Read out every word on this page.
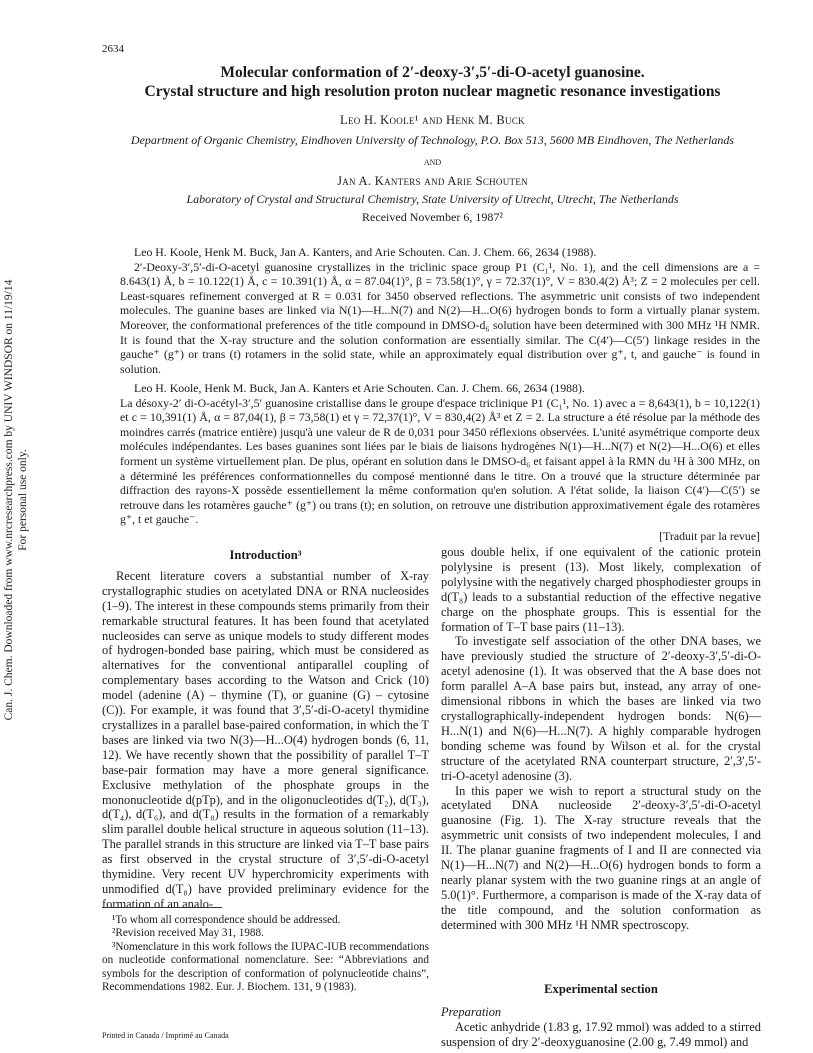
2634
Can. J. Chem. Downloaded from www.nrcresearchpress.com by UNIV WINDSOR on 11/19/14 For personal use only.
Molecular conformation of 2′-deoxy-3′,5′-di-O-acetyl guanosine.
Crystal structure and high resolution proton nuclear magnetic resonance investigations
Leo H. Koole¹ and Henk M. Buck
Department of Organic Chemistry, Eindhoven University of Technology, P.O. Box 513, 5600 MB Eindhoven, The Netherlands
and
Jan A. Kanters and Arie Schouten
Laboratory of Crystal and Structural Chemistry, State University of Utrecht, Utrecht, The Netherlands
Received November 6, 1987²

Leo H. Koole, Henk M. Buck, Jan A. Kanters, and Arie Schouten. Can. J. Chem. 66, 2634 (1988).

2′-Deoxy-3′,5′-di-O-acetyl guanosine crystallizes in the triclinic space group P1 (C₁¹, No. 1), and the cell dimensions are a = 8.643(1) Å, b = 10.122(1) Å, c = 10.391(1) Å, α = 87.04(1)°, β = 73.58(1)°, γ = 72.37(1)°, V = 830.4(2) Å³; Z = 2 molecules per cell. Least-squares refinement converged at R = 0.031 for 3450 observed reflections. The asymmetric unit consists of two independent molecules. The guanine bases are linked via N(1)—H...N(7) and N(2)—H...O(6) hydrogen bonds to form a virtually planar system. Moreover, the conformational preferences of the title compound in DMSO-d₆ solution have been determined with 300 MHz ¹H NMR. It is found that the X-ray structure and the solution conformation are essentially similar. The C(4′)—C(5′) linkage resides in the gauche⁺ (g⁺) or trans (t) rotamers in the solid state, while an approximately equal distribution over g⁺, t, and gauche⁻ is found in solution.

Leo H. Koole, Henk M. Buck, Jan A. Kanters et Arie Schouten. Can. J. Chem. 66, 2634 (1988).

La désoxy-2′ di-O-acétyl-3′,5′ guanosine cristallise dans le groupe d'espace triclinique P1 (C₁¹, No. 1) avec a = 8,643(1), b = 10,122(1) et c = 10,391(1) Å, α = 87,04(1), β = 73,58(1) et γ = 72,37(1)°, V = 830,4(2) Å³ et Z = 2. La structure a été résolue par la méthode des moindres carrés (matrice entière) jusqu'à une valeur de R de 0,031 pour 3450 réflexions observées. L'unité asymétrique comporte deux molécules indépendantes. Les bases guanines sont liées par le biais de liaisons hydrogènes N(1)—H...N(7) et N(2)—H...O(6) et elles forment un système virtuellement plan. De plus, opérant en solution dans le DMSO-d₆ et faisant appel à la RMN du ¹H à 300 MHz, on a déterminé les préférences conformationnelles du composé mentionné dans le titre. On a trouvé que la structure déterminée par diffraction des rayons-X possède essentiellement la même conformation qu'en solution. A l'état solide, la liaison C(4′)—C(5′) se retrouve dans les rotamères gauche⁺ (g⁺) ou trans (t); en solution, on retrouve une distribution approximativement égale des rotamères g⁺, t et gauche⁻.

[Traduit par la revue]

Introduction³

Recent literature covers a substantial number of X-ray crystallographic studies on acetylated DNA or RNA nucleosides (1–9). The interest in these compounds stems primarily from their remarkable structural features. It has been found that acetylated nucleosides can serve as unique models to study different modes of hydrogen-bonded base pairing, which must be considered as alternatives for the conventional antiparallel coupling of complementary bases according to the Watson and Crick (10) model (adenine (A) – thymine (T), or guanine (G) – cytosine (C)). For example, it was found that 3′,5′-di-O-acetyl thymidine crystallizes in a parallel base-paired conformation, in which the T bases are linked via two N(3)—H...O(4) hydrogen bonds (6, 11, 12). We have recently shown that the possibility of parallel T–T base-pair formation may have a more general significance. Exclusive methylation of the phosphate groups in the mononucleotide d(pTp), and in the oligonucleotides d(T₂), d(T₃), d(T₄), d(T₆), and d(T₈) results in the formation of a remarkably slim parallel double helical structure in aqueous solution (11–13). The parallel strands in this structure are linked via T–T base pairs as first observed in the crystal structure of 3′,5′-di-O-acetyl thymidine. Very recent UV hyperchromicity experiments with unmodified d(T₈) have provided preliminary evidence for the formation of an analo-

¹To whom all correspondence should be addressed.

²Revision received May 31, 1988.

³Nomenclature in this work follows the IUPAC-IUB recommendations on nucleotide conformational nomenclature. See: “Abbreviations and symbols for the description of conformation of polynucleotide chains”, Recommendations 1982. Eur. J. Biochem. 131, 9 (1983).

gous double helix, if one equivalent of the cationic protein polylysine is present (13). Most likely, complexation of polylysine with the negatively charged phosphodiester groups in d(T₈) leads to a substantial reduction of the effective negative charge on the phosphate groups. This is essential for the formation of T–T base pairs (11–13).

To investigate self association of the other DNA bases, we have previously studied the structure of 2′-deoxy-3′,5′-di-O-acetyl adenosine (1). It was observed that the A base does not form parallel A–A base pairs but, instead, any array of one-dimensional ribbons in which the bases are linked via two crystallographically-independent hydrogen bonds: N(6)—H...N(1) and N(6)—H...N(7). A highly comparable hydrogen bonding scheme was found by Wilson et al. for the crystal structure of the acetylated RNA counterpart structure, 2′,3′,5′-tri-O-acetyl adenosine (3).

In this paper we wish to report a structural study on the acetylated DNA nucleoside 2′-deoxy-3′,5′-di-O-acetyl guanosine (Fig. 1). The X-ray structure reveals that the asymmetric unit consists of two independent molecules, I and II. The planar guanine fragments of I and II are connected via N(1)—H...N(7) and N(2)—H...O(6) hydrogen bonds to form a nearly planar system with the two guanine rings at an angle of 5.0(1)°. Furthermore, a comparison is made of the X-ray data of the title compound, and the solution conformation as determined with 300 MHz ¹H NMR spectroscopy.

Experimental section

Preparation

Acetic anhydride (1.83 g, 17.92 mmol) was added to a stirred suspension of dry 2′-deoxyguanosine (2.00 g, 7.49 mmol) and

Printed in Canada / Imprimé au Canada
